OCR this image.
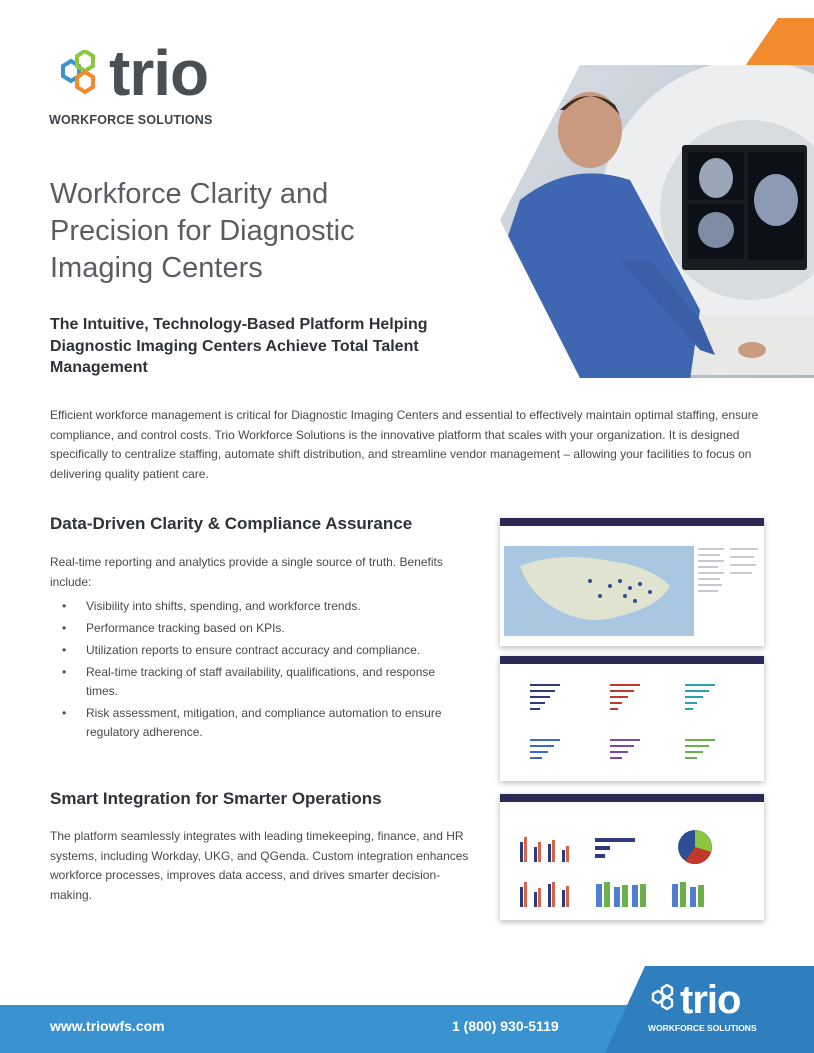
trio
WORKFORCE SOLUTIONS
Workforce Clarity and Precision for Diagnostic Imaging Centers
The Intuitive, Technology-Based Platform Helping Diagnostic Imaging Centers Achieve Total Talent Management
Efficient workforce management is critical for Diagnostic Imaging Centers and essential to effectively maintain optimal staffing, ensure compliance, and control costs. Trio Workforce Solutions is the innovative platform that scales with your organization. It is designed specifically to centralize staffing, automate shift distribution, and streamline vendor management – allowing your facilities to focus on delivering quality patient care.
Data-Driven Clarity & Compliance Assurance
Real-time reporting and analytics provide a single source of truth. Benefits include:
• Visibility into shifts, spending, and workforce trends.
• Performance tracking based on KPIs.
• Utilization reports to ensure contract accuracy and compliance.
• Real-time tracking of staff availability, qualifications, and response times.
• Risk assessment, mitigation, and compliance automation to ensure regulatory adherence.
Smart Integration for Smarter Operations
The platform seamlessly integrates with leading timekeeping, finance, and HR systems, including Workday, UKG, and QGenda. Custom integration enhances workforce processes, improves data access, and drives smarter decision-making.
www.triowfs.com	1 (800) 930-5119
trio
WORKFORCE SOLUTIONS
